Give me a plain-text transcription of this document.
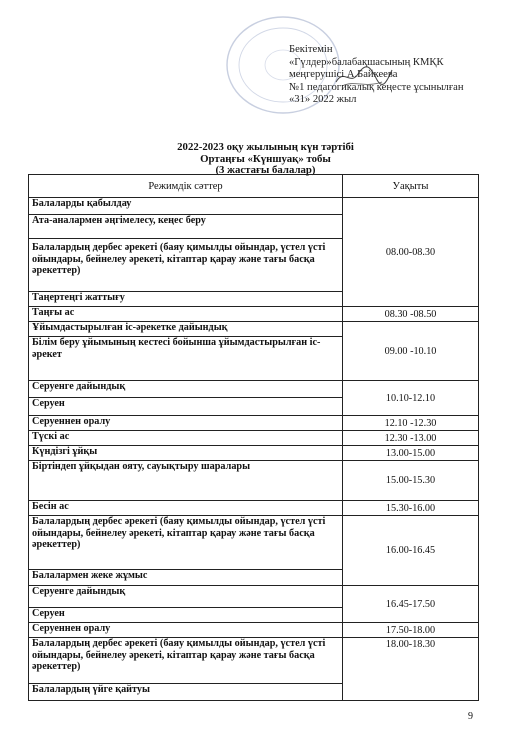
Бекітемін
«Гүлдер»балабақшасының КМҚК
меңгерушісі А.Байкеева
№1 педагогикалық кеңесте ұсынылған
«31» 2022 жыл
2022-2023 оқу жылының күн тәртібі
Ортаңғы «Күншуақ» тобы
(3 жастағы балалар)
Режимдік сәттер	Уақыты
Балаларды қабылдау	08.00-08.30
Ата-аналармен әңгімелесу, кеңес беру	
Балалардың дербес әрекеті (баяу қимылды ойындар, үстел үсті ойындары, бейнелеу әрекеті, кітаптар қарау және тағы басқа әрекеттер)	
Таңертеңгі жаттығу	
Таңғы ас	08.30 -08.50
Ұйымдастырылған іс-әрекетке дайындық	09.00 -10.10
Білім беру ұйымының кестесі бойынша ұйымдастырылған іс-әрекет	
Серуенге дайындық	10.10-12.10
Серуен	
Серуеннен оралу	12.10 -12.30
Түскі ас	12.30 -13.00
Күндізгі ұйқы	13.00-15.00
Біртіндеп ұйқыдан ояту, сауықтыру шаралары	15.00-15.30
Бесін ас	15.30-16.00
Балалардың дербес әрекеті (баяу қимылды ойындар, үстел үсті ойындары, бейнелеу әрекеті, кітаптар қарау және тағы басқа әрекеттер)	16.00-16.45
Балалармен жеке жұмыс	
Серуенге дайындық	16.45-17.50
Серуен	
Серуеннен оралу	17.50-18.00
Балалардың дербес әрекеті (баяу қимылды ойындар, үстел үсті ойындары, бейнелеу әрекеті, кітаптар қарау және тағы басқа әрекеттер)	18.00-18.30
Балалардың үйге қайтуы	
9
